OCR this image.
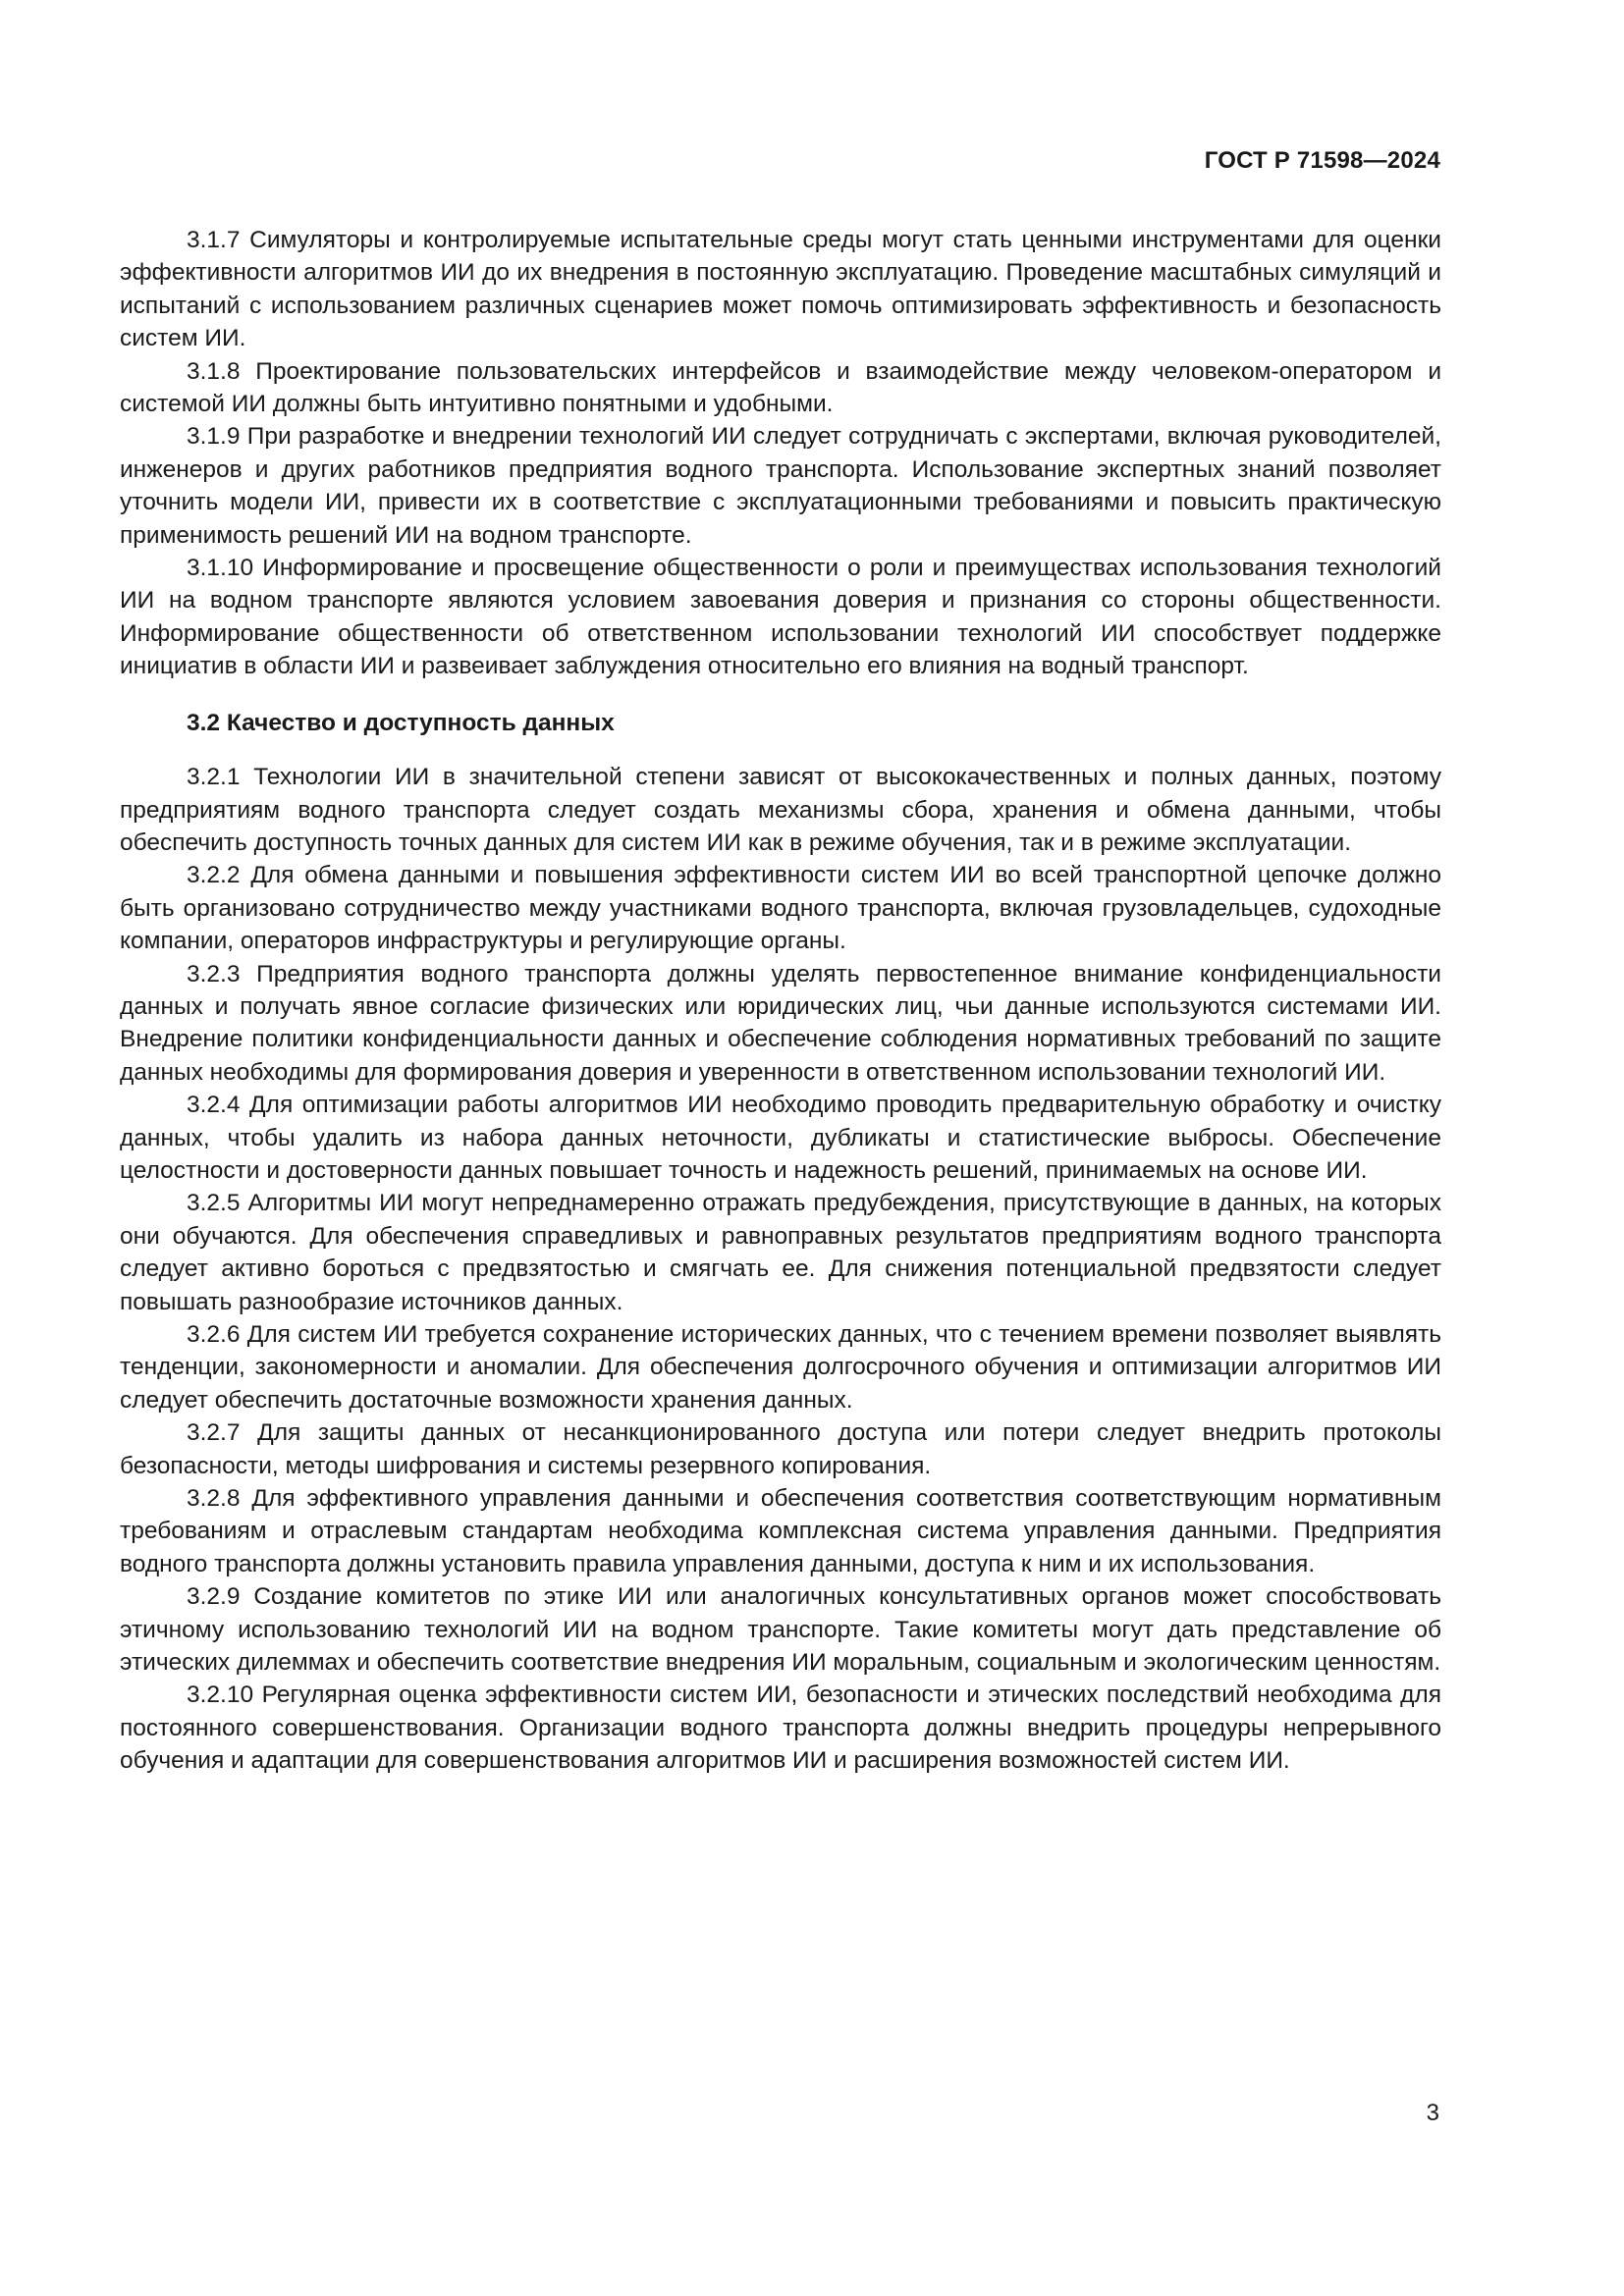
ГОСТ Р 71598—2024

3.1.7 Симуляторы и контролируемые испытательные среды могут стать ценными инструментами для оценки эффективности алгоритмов ИИ до их внедрения в постоянную эксплуатацию. Проведение масштабных симуляций и испытаний с использованием различных сценариев может помочь оптимизировать эффективность и безопасность систем ИИ.

3.1.8 Проектирование пользовательских интерфейсов и взаимодействие между человеком-оператором и системой ИИ должны быть интуитивно понятными и удобными.

3.1.9 При разработке и внедрении технологий ИИ следует сотрудничать с экспертами, включая руководителей, инженеров и других работников предприятия водного транспорта. Использование экспертных знаний позволяет уточнить модели ИИ, привести их в соответствие с эксплуатационными требованиями и повысить практическую применимость решений ИИ на водном транспорте.

3.1.10 Информирование и просвещение общественности о роли и преимуществах использования технологий ИИ на водном транспорте являются условием завоевания доверия и признания со стороны общественности. Информирование общественности об ответственном использовании технологий ИИ способствует поддержке инициатив в области ИИ и развеивает заблуждения относительно его влияния на водный транспорт.

3.2 Качество и доступность данных

3.2.1 Технологии ИИ в значительной степени зависят от высококачественных и полных данных, поэтому предприятиям водного транспорта следует создать механизмы сбора, хранения и обмена данными, чтобы обеспечить доступность точных данных для систем ИИ как в режиме обучения, так и в режиме эксплуатации.

3.2.2 Для обмена данными и повышения эффективности систем ИИ во всей транспортной цепочке должно быть организовано сотрудничество между участниками водного транспорта, включая грузовладельцев, судоходные компании, операторов инфраструктуры и регулирующие органы.

3.2.3 Предприятия водного транспорта должны уделять первостепенное внимание конфиденциальности данных и получать явное согласие физических или юридических лиц, чьи данные используются системами ИИ. Внедрение политики конфиденциальности данных и обеспечение соблюдения нормативных требований по защите данных необходимы для формирования доверия и уверенности в ответственном использовании технологий ИИ.

3.2.4 Для оптимизации работы алгоритмов ИИ необходимо проводить предварительную обработку и очистку данных, чтобы удалить из набора данных неточности, дубликаты и статистические выбросы. Обеспечение целостности и достоверности данных повышает точность и надежность решений, принимаемых на основе ИИ.

3.2.5 Алгоритмы ИИ могут непреднамеренно отражать предубеждения, присутствующие в данных, на которых они обучаются. Для обеспечения справедливых и равноправных результатов предприятиям водного транспорта следует активно бороться с предвзятостью и смягчать ее. Для снижения потенциальной предвзятости следует повышать разнообразие источников данных.

3.2.6 Для систем ИИ требуется сохранение исторических данных, что с течением времени позволяет выявлять тенденции, закономерности и аномалии. Для обеспечения долгосрочного обучения и оптимизации алгоритмов ИИ следует обеспечить достаточные возможности хранения данных.

3.2.7 Для защиты данных от несанкционированного доступа или потери следует внедрить протоколы безопасности, методы шифрования и системы резервного копирования.

3.2.8 Для эффективного управления данными и обеспечения соответствия соответствующим нормативным требованиям и отраслевым стандартам необходима комплексная система управления данными. Предприятия водного транспорта должны установить правила управления данными, доступа к ним и их использования.

3.2.9 Создание комитетов по этике ИИ или аналогичных консультативных органов может способствовать этичному использованию технологий ИИ на водном транспорте. Такие комитеты могут дать представление об этических дилеммах и обеспечить соответствие внедрения ИИ моральным, социальным и экологическим ценностям.

3.2.10 Регулярная оценка эффективности систем ИИ, безопасности и этических последствий необходима для постоянного совершенствования. Организации водного транспорта должны внедрить процедуры непрерывного обучения и адаптации для совершенствования алгоритмов ИИ и расширения возможностей систем ИИ.

3
